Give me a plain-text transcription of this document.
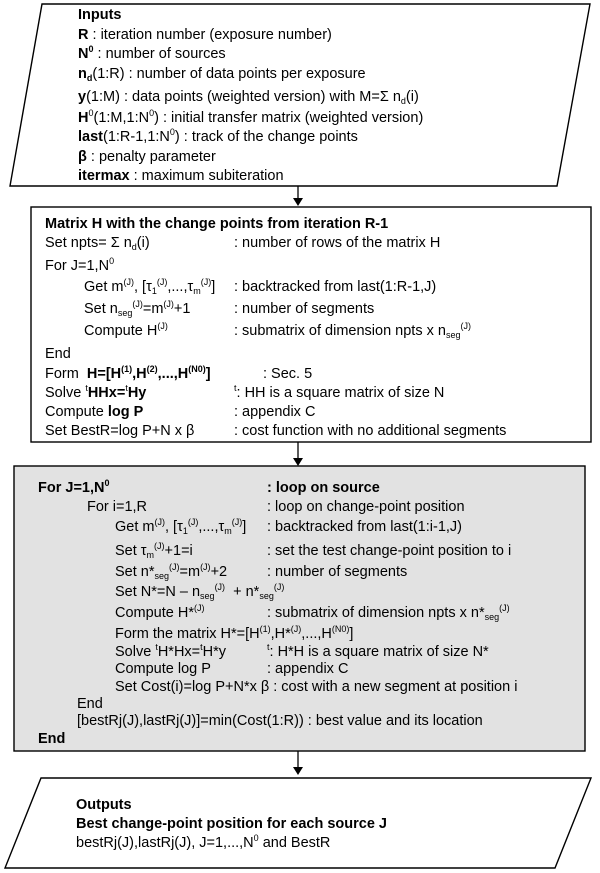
Inputs
R : iteration number (exposure number)
$N^0$ : number of sources
$n_d(1:R)$ : number of data points per exposure
y(1:M) : data points (weighted version) with M=Σ $n_d(i)$
$H^0(1:M,1:N^0)$ : initial transfer matrix (weighted version)
$last(1:R-1,1:N^0)$ : track of the change points
β : penalty parameter
itermax : maximum subiteration
Matrix H with the change points from iteration R-1
Set npts= Σ $n_d(i)$	: number of rows of the matrix H
For $J=1,N^0$
Get $m^{(J)}$, $[\tau_1^{(J)},...,\tau_m^{(J)}]$ : backtracked from last(1:R-1,J)
Set $n_{seg}^{(J)}=m^{(J)}+1$	: number of segments
Compute $H^{(J)}$	: submatrix of dimension npts x $n_{seg}^{(J)}$
End
Form $H=[H^{(1)},H^{(2)},...,H^{(N0)}]$	: Sec. 5
Solve $^t$HHx=$^t$Hy	$^t$: HH is a square matrix of size N
Compute log P	: appendix C
Set BestR=log P+N x β	: cost function with no additional segments
For $J=1,N^0$	: loop on source
For i=1,R	: loop on change-point position
Get $m^{(J)}$, $[\tau_1^{(J)},...,\tau_m^{(J)}]$ : backtracked from last(1:i-1,J)
Set $\tau_m^{(J)}+1=i$	: set the test change-point position to i
Set $n*_{seg}^{(J)}=m^{(J)}+2$	: number of segments
Set $N*=N - n_{seg}^{(J)} + n*_{seg}^{(J)}$
Compute H*$^{(J)}$	: submatrix of dimension npts x $n*_{seg}^{(J)}$
Form the matrix $H*=[H^{(1)},H*^{(J)},...,H^{(N0)}]$
Solve $^t$H*Hx=$^t$H*y	$^t$: H*H is a square matrix of size N*
Compute log P	: appendix C
Set Cost(i)=log P+N*x β : cost with a new segment at position i
End
[bestRj(J),lastRj(J)]=min(Cost(1:R)) : best value and its location
End
Outputs
Best change-point position for each source J
bestRj(J),lastRj(J), $J=1,...,N^0$ and BestR
